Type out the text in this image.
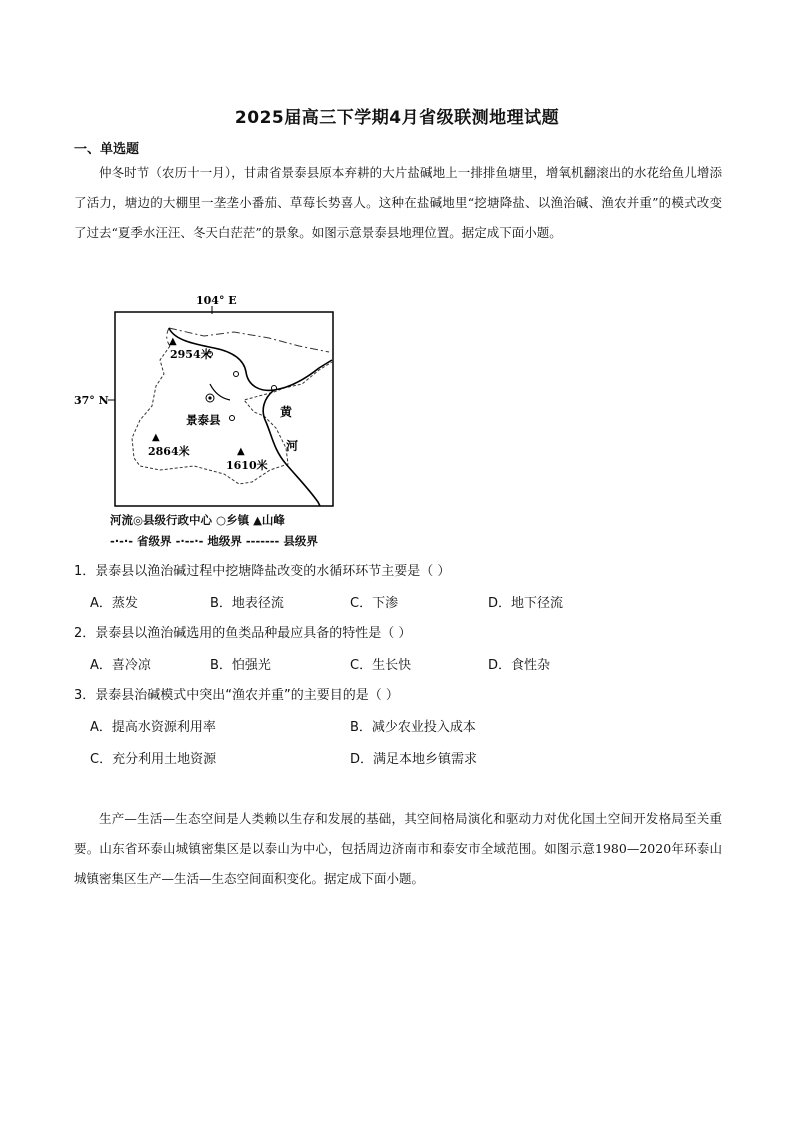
2025届高三下学期4月省级联测地理试题
一、单选题

仲冬时节（农历十一月），甘肃省景泰县原本弃耕的大片盐碱地上一排排鱼塘里，增氧机翻滚出的水花给鱼儿增添了活力，塘边的大棚里一垄垄小番茄、草莓长势喜人。这种在盐碱地里“挖塘降盐、以渔治碱、渔农并重”的模式改变了过去“夏季水汪汪、冬天白茫茫”的景象。如图示意景泰县地理位置。据定成下面小题。

104° E
37° N
▲
2954米
▲
2864米	▲
1610米
景泰县
黄
河
河流◎县级行政中心 ○乡镇 ▲山峰
-·-·- 省级界 -·--·- 地级界 ------- 县级界
1．景泰县以渔治碱过程中挖塘降盐改变的水循环环节主要是（ ）
A．蒸发	B．地表径流	C．下渗	D．地下径流
2．景泰县以渔治碱选用的鱼类品种最应具备的特性是（ ）
A．喜冷凉	B．怕强光	C．生长快	D．食性杂
3．景泰县治碱模式中突出“渔农并重”的主要目的是（ ）
A．提高水资源利用率	B．减少农业投入成本
C．充分利用土地资源	D．满足本地乡镇需求

生产—生活—生态空间是人类赖以生存和发展的基础，其空间格局演化和驱动力对优化国土空间开发格局至关重要。山东省环泰山城镇密集区是以泰山为中心，包括周边济南市和泰安市全域范围。如图示意1980—2020年环泰山城镇密集区生产—生活—生态空间面积变化。据定成下面小题。
